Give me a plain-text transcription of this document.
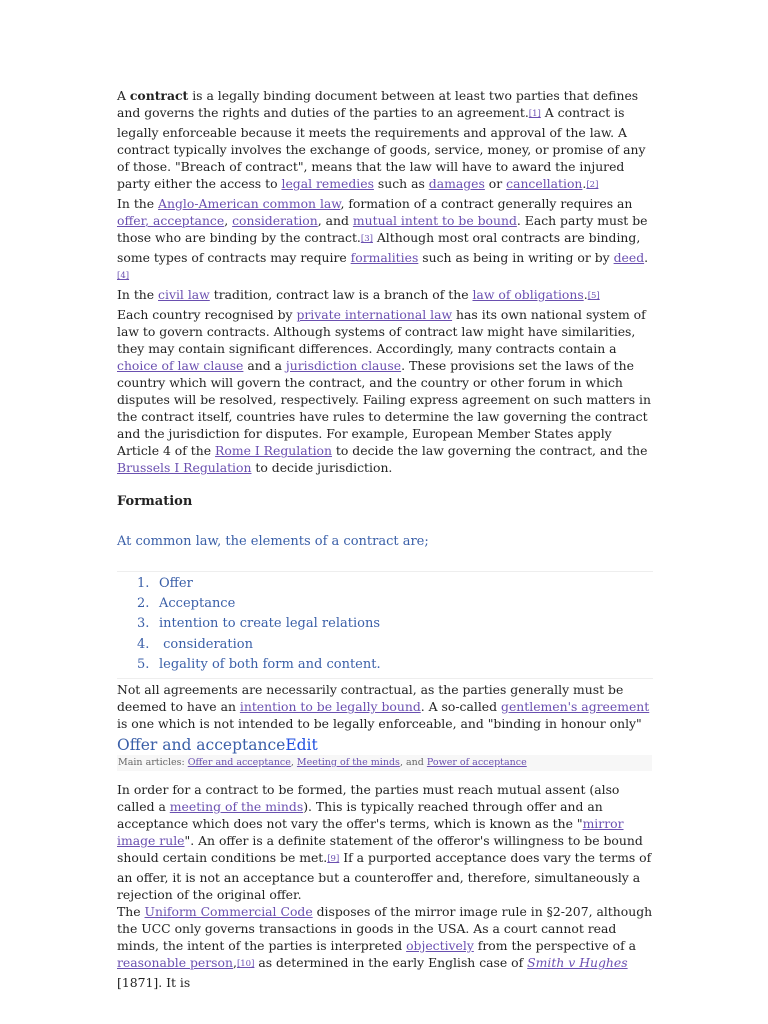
A contract is a legally binding document between at least two parties that defines and governs the rights and duties of the parties to an agreement.[1] A contract is legally enforceable because it meets the requirements and approval of the law. A contract typically involves the exchange of goods, service, money, or promise of any of those. "Breach of contract", means that the law will have to award the injured party either the access to legal remedies such as damages or cancellation.[2]

In the Anglo-American common law, formation of a contract generally requires an offer, acceptance, consideration, and mutual intent to be bound. Each party must be those who are binding by the contract.[3] Although most oral contracts are binding, some types of contracts may require formalities such as being in writing or by deed.[4]

In the civil law tradition, contract law is a branch of the law of obligations.[5]

Each country recognised by private international law has its own national system of law to govern contracts. Although systems of contract law might have similarities, they may contain significant differences. Accordingly, many contracts contain a choice of law clause and a jurisdiction clause. These provisions set the laws of the country which will govern the contract, and the country or other forum in which disputes will be resolved, respectively. Failing express agreement on such matters in the contract itself, countries have rules to determine the law governing the contract and the jurisdiction for disputes. For example, European Member States apply Article 4 of the Rome I Regulation to decide the law governing the contract, and the Brussels I Regulation to decide jurisdiction.

Formation

At common law, the elements of a contract are;

1. Offer
2. Acceptance
3. intention to create legal relations
4. consideration
5. legality of both form and content.

Not all agreements are necessarily contractual, as the parties generally must be deemed to have an intention to be legally bound. A so-called gentlemen's agreement is one which is not intended to be legally enforceable, and "binding in honour only"

Offer and acceptanceEdit

Main articles: Offer and acceptance, Meeting of the minds, and Power of acceptance

In order for a contract to be formed, the parties must reach mutual assent (also called a meeting of the minds). This is typically reached through offer and an acceptance which does not vary the offer's terms, which is known as the "mirror image rule". An offer is a definite statement of the offeror's willingness to be bound should certain conditions be met.[9] If a purported acceptance does vary the terms of an offer, it is not an acceptance but a counteroffer and, therefore, simultaneously a rejection of the original offer.

The Uniform Commercial Code disposes of the mirror image rule in §2-207, although the UCC only governs transactions in goods in the USA. As a court cannot read minds, the intent of the parties is interpreted objectively from the perspective of a reasonable person,[10] as determined in the early English case of Smith v Hughes [1871]. It is
